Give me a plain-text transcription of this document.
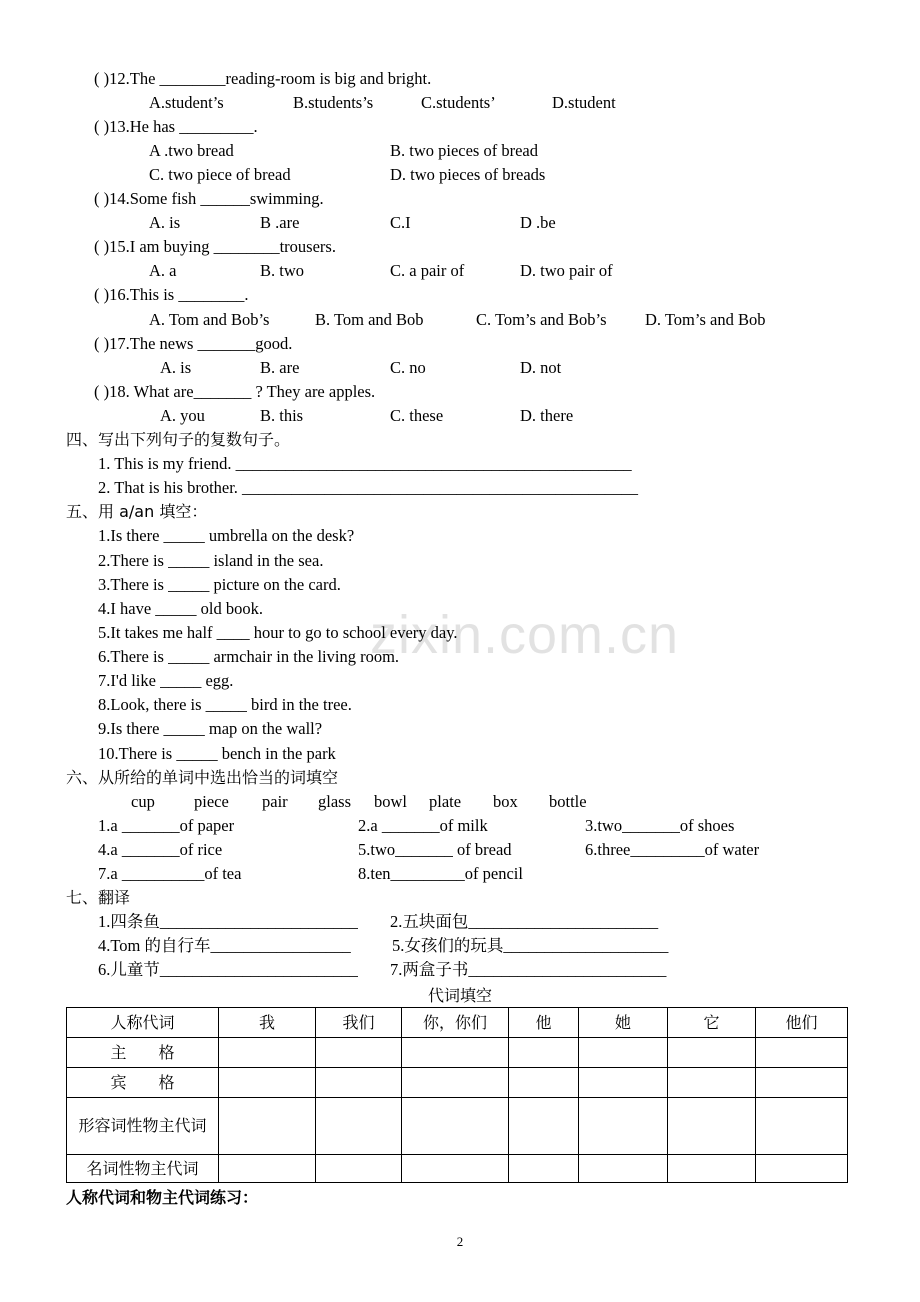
( )12.The ________reading-room is big and bright.
A.student’s	B.students’s	C.students’	D.student
( )13.He has _________.
A .two bread	B. two pieces of bread
C. two piece of bread	D. two pieces of breads
( )14.Some fish ______swimming.
A. is	B .are	C.I	D .be
( )15.I am buying ________trousers.
A. a	B. two	C. a pair of	D. two pair of
( )16.This is ________.
A. Tom and Bob’s	B. Tom and Bob	C. Tom’s and Bob’s D. Tom’s and Bob
( )17.The news _______good.
A. is	B. are	C. no	D. not
( )18. What are_______ ? They are apples.
A. you	B. this	C. these	D. there
四、写出下列句子的复数句子。
1. This is my friend. ________________________________________________
2. That is his brother. ________________________________________________
五、用 a/an 填空：
1.Is there _____ umbrella on the desk?
2.There is _____ island in the sea.
3.There is _____ picture on the card.
4.I have _____ old book.
5.It takes me half ____ hour to go to school every day.
6.There is _____ armchair in the living room.
7.I'd like _____ egg.
8.Look, there is _____ bird in the tree.
9.Is there _____ map on the wall?
10.There is _____ bench in the park
zixin.com.cn
六、从所给的单词中选出恰当的词填空
cup piece pair glass bowl plate box bottle
1.a _______of paper	2.a _______of milk	3.two_______of shoes
4.a _______of rice	5.two_______ of bread	6.three_________of water
7.a __________of tea	8.ten_________of pencil
七、翻译
1.四条鱼________________________ 2.五块面包_______________________
4.Tom 的自行车_________________ 5.女孩们的玩具____________________
6.儿童节________________________ 7.两盒子书________________________
代词填空
人称代词	我	我们	你，你们	他	她	它	他们
主　　格							
宾　　格							
形容词性物主代词							
名词性物主代词							
人称代词和物主代词练习：
2
